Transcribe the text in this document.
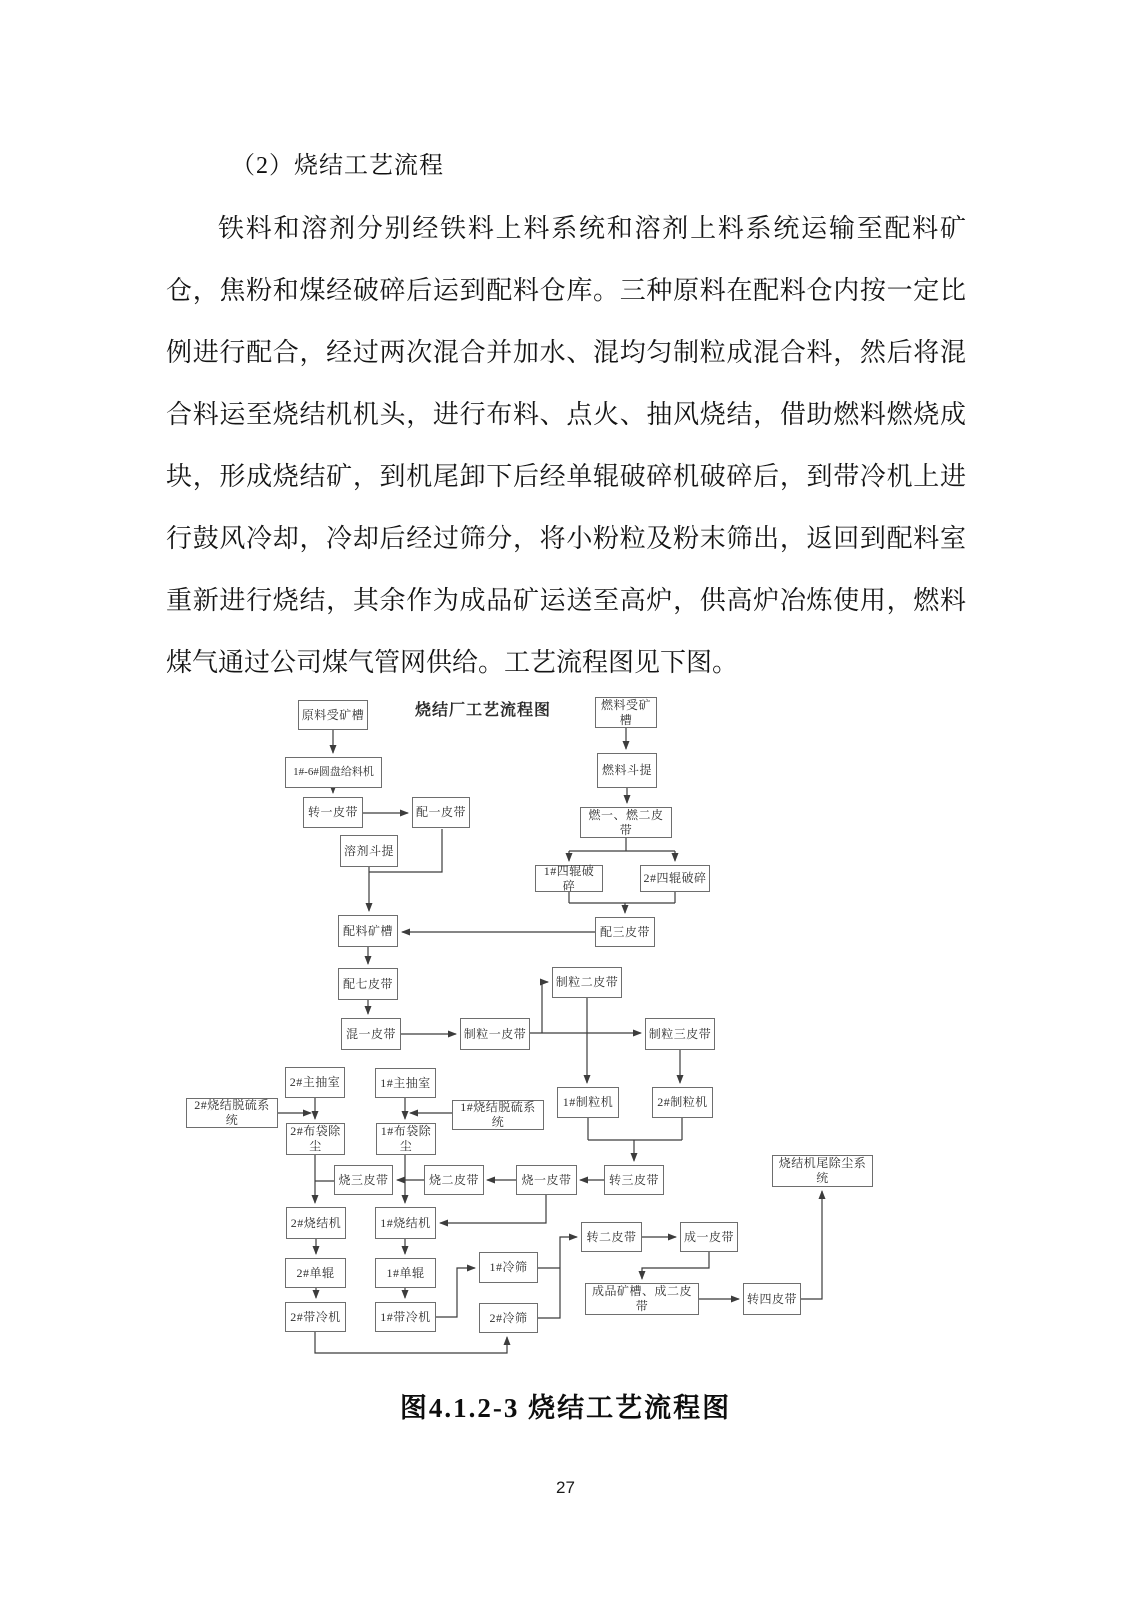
（2）烧结工艺流程
铁料和溶剂分别经铁料上料系统和溶剂上料系统运输至配料矿
仓，焦粉和煤经破碎后运到配料仓库。三种原料在配料仓内按一定比
例进行配合，经过两次混合并加水、混均匀制粒成混合料，然后将混
合料运至烧结机机头，进行布料、点火、抽风烧结，借助燃料燃烧成
块，形成烧结矿，到机尾卸下后经单辊破碎机破碎后，到带冷机上进
行鼓风冷却，冷却后经过筛分，将小粉粒及粉末筛出，返回到配料室
重新进行烧结，其余作为成品矿运送至高炉，供高炉冶炼使用，燃料
煤气通过公司煤气管网供给。工艺流程图见下图。
烧结厂工艺流程图
原料受矿槽
燃料受矿槽
1#-6#圆盘给料机
转一皮带	配一皮带
溶剂斗提
燃料斗提
燃一、燃二皮带
1#四辊破碎
2#四辊破碎
配料矿槽	配三皮带
配七皮带	制粒二皮带
混一皮带	制粒一皮带	制粒三皮带
2#主抽室	1#主抽室
2#烧结脱硫系统
1#烧结脱硫系统
2#布袋除尘
1#布袋除尘
1#制粒机	2#制粒机
烧三皮带	烧二皮带	烧一皮带	转三皮带
2#烧结机	1#烧结机
转二皮带	成一皮带
2#单辊	1#单辊	1#冷筛
2#冷筛
2#带冷机	1#带冷机
成品矿槽、成二皮带
转四皮带
烧结机尾除尘系统
图4.1.2-3 烧结工艺流程图
27
